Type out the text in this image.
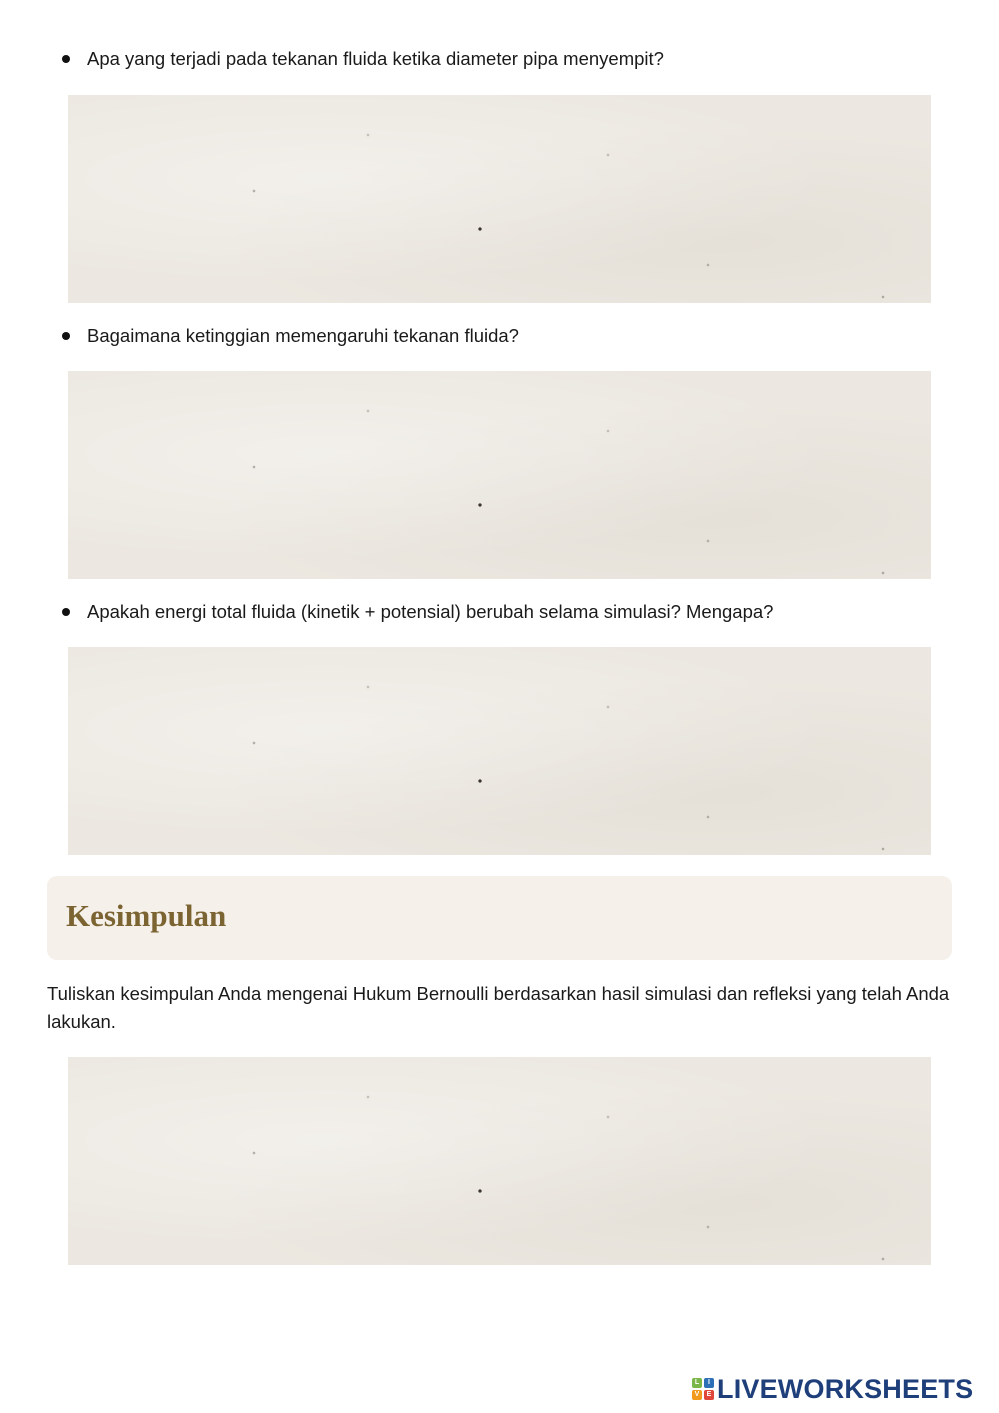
Apa yang terjadi pada tekanan fluida ketika diameter pipa menyempit?
Bagaimana ketinggian memengaruhi tekanan fluida?
Apakah energi total fluida (kinetik + potensial) berubah selama simulasi? Mengapa?
Kesimpulan

Tuliskan kesimpulan Anda mengenai Hukum Bernoulli berdasarkan hasil simulasi dan refleksi yang telah Anda lakukan.

L	I
V	E LIVEWORKSHEETS
